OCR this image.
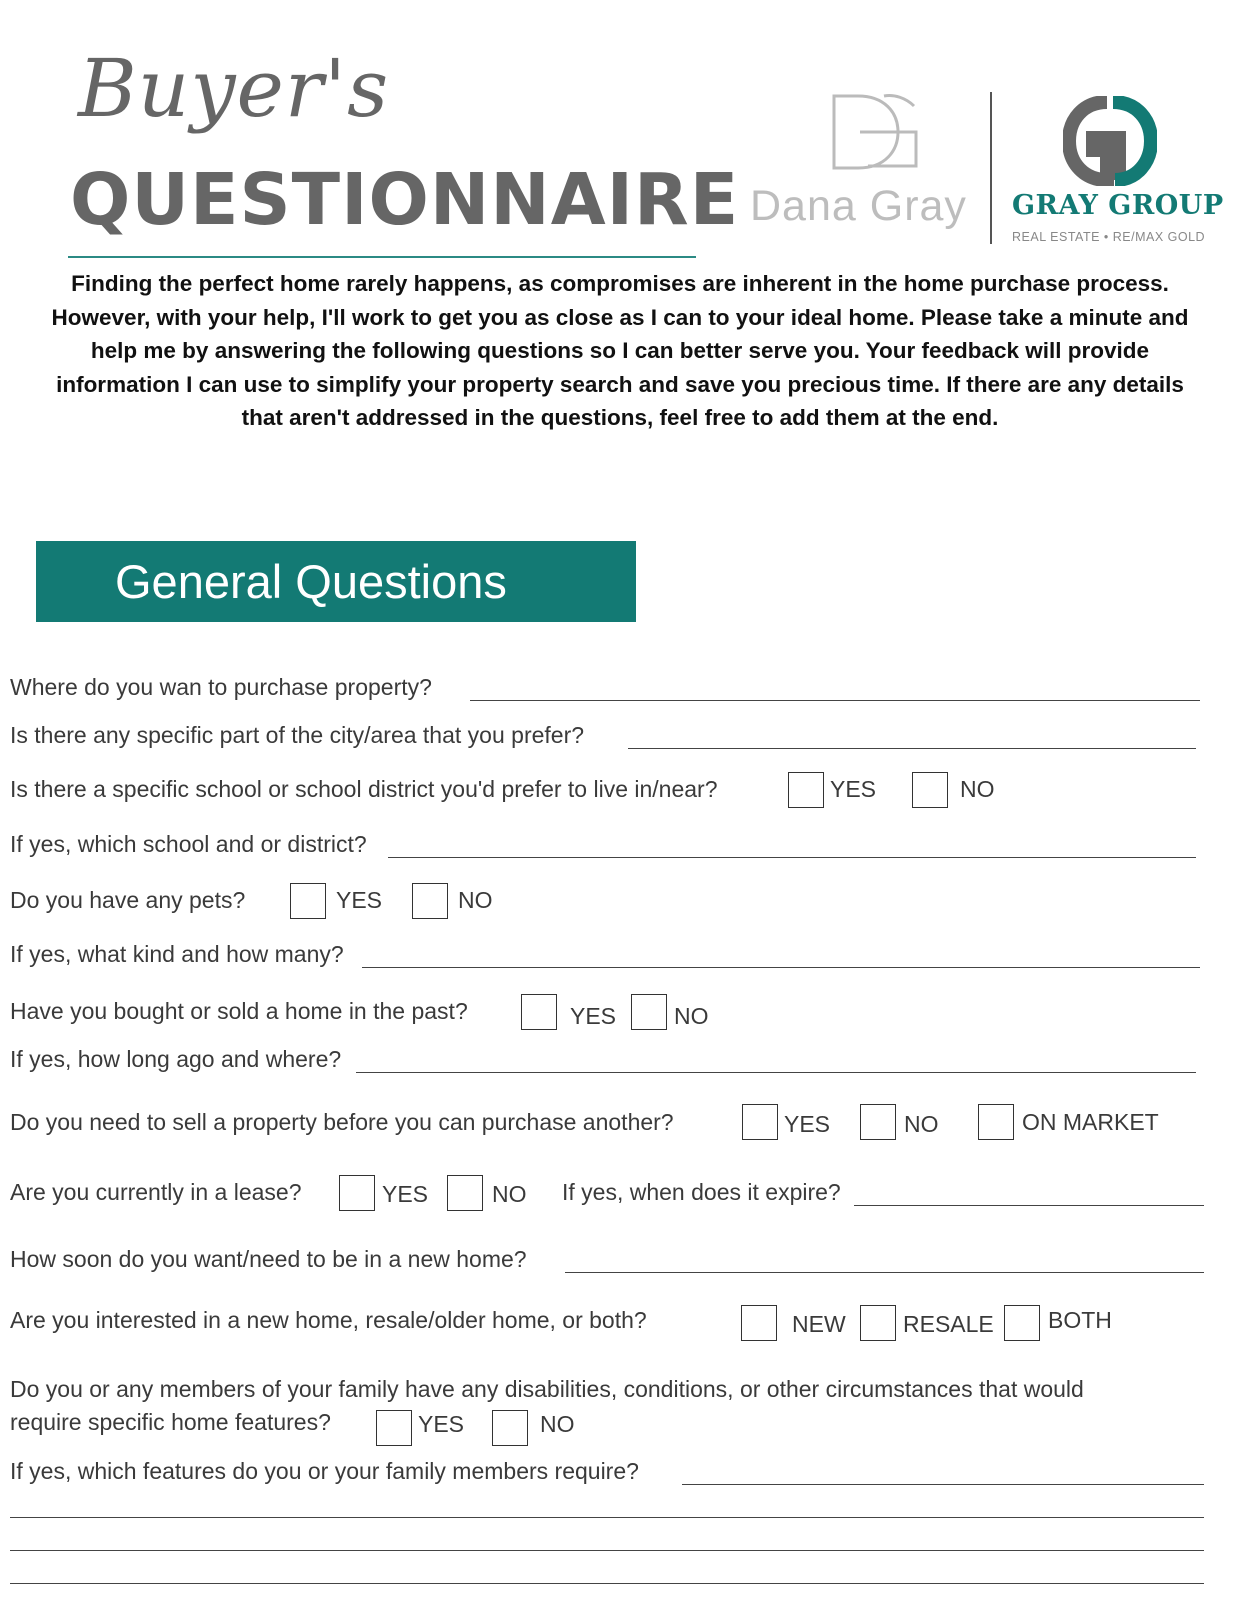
Buyer's
QUESTIONNAIRE Dana Gray GRAY GROUP
REAL ESTATE • RE/MAX GOLD

Finding the perfect home rarely happens, as compromises are inherent in the home purchase process. However, with your help, I'll work to get you as close as I can to your ideal home. Please take a minute and help me by answering the following questions so I can better serve you. Your feedback will provide information I can use to simplify your property search and save you precious time. If there are any details that aren't addressed in the questions, feel free to add them at the end.

General Questions
Where do you wan to purchase property?
Is there any specific part of the city/area that you prefer?
Is there a specific school or school district you'd prefer to live in/near?	YES	NO
If yes, which school and or district?
Do you have any pets?	YES	NO
If yes, what kind and how many?
Have you bought or sold a home in the past?	YES	NO
If yes, how long ago and where?
Do you need to sell a property before you can purchase another?	YES	NO	ON MARKET
Are you currently in a lease?	YES	NO If yes, when does it expire?
How soon do you want/need to be in a new home?
Are you interested in a new home, resale/older home, or both?	NEW RESALE BOTH
Do you or any members of your family have any disabilities, conditions, or other circumstances that would
require specific home features?	YES	NO
If yes, which features do you or your family members require?
